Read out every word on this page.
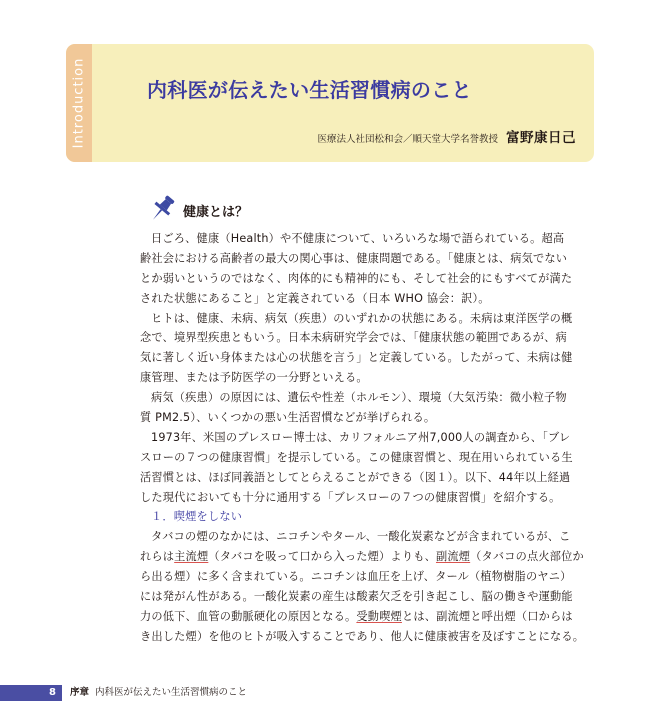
Introduction	内科医が伝えたい生活習慣病のこと
医療法人社団松和会／順天堂大学名誉教授 富野康日己
健康とは？
日ごろ、健康（Health）や不健康について、いろいろな場で語られている。超高
齢社会における高齢者の最大の関心事は、健康問題である。「健康とは、病気でない
とか弱いというのではなく、肉体的にも精神的にも、そして社会的にもすべてが満た
された状態にあること」と定義されている（日本 WHO 協会：訳）。
ヒトは、健康、未病、病気（疾患）のいずれかの状態にある。未病は東洋医学の概
念で、境界型疾患ともいう。日本未病研究学会では、「健康状態の範囲であるが、病
気に著しく近い身体または心の状態を言う」と定義している。したがって、未病は健
康管理、または予防医学の一分野といえる。
病気（疾患）の原因には、遺伝や性差（ホルモン）、環境（大気汚染：微小粒子物
質 PM2.5）、いくつかの悪い生活習慣などが挙げられる。
1973年、米国のブレスロー博士は、カリフォルニア州7,000人の調査から、「ブレ
スローの７つの健康習慣」を提示している。この健康習慣と、現在用いられている生
活習慣とは、ほぼ同義語としてとらえることができる（図１）。以下、44年以上経過
した現代においても十分に通用する「ブレスローの７つの健康習慣」を紹介する。
１．喫煙をしない
タバコの煙のなかには、ニコチンやタール、一酸化炭素などが含まれているが、こ
れらは主流煙（タバコを吸って口から入った煙）よりも、副流煙（タバコの点火部位か
ら出る煙）に多く含まれている。ニコチンは血圧を上げ、タール（植物樹脂のヤニ）
には発がん性がある。一酸化炭素の産生は酸素欠乏を引き起こし、脳の働きや運動能
力の低下、血管の動脈硬化の原因となる。受動喫煙とは、副流煙と呼出煙（口からは
き出した煙）を他のヒトが吸入することであり、他人に健康被害を及ぼすことになる。
8 序章 内科医が伝えたい生活習慣病のこと
